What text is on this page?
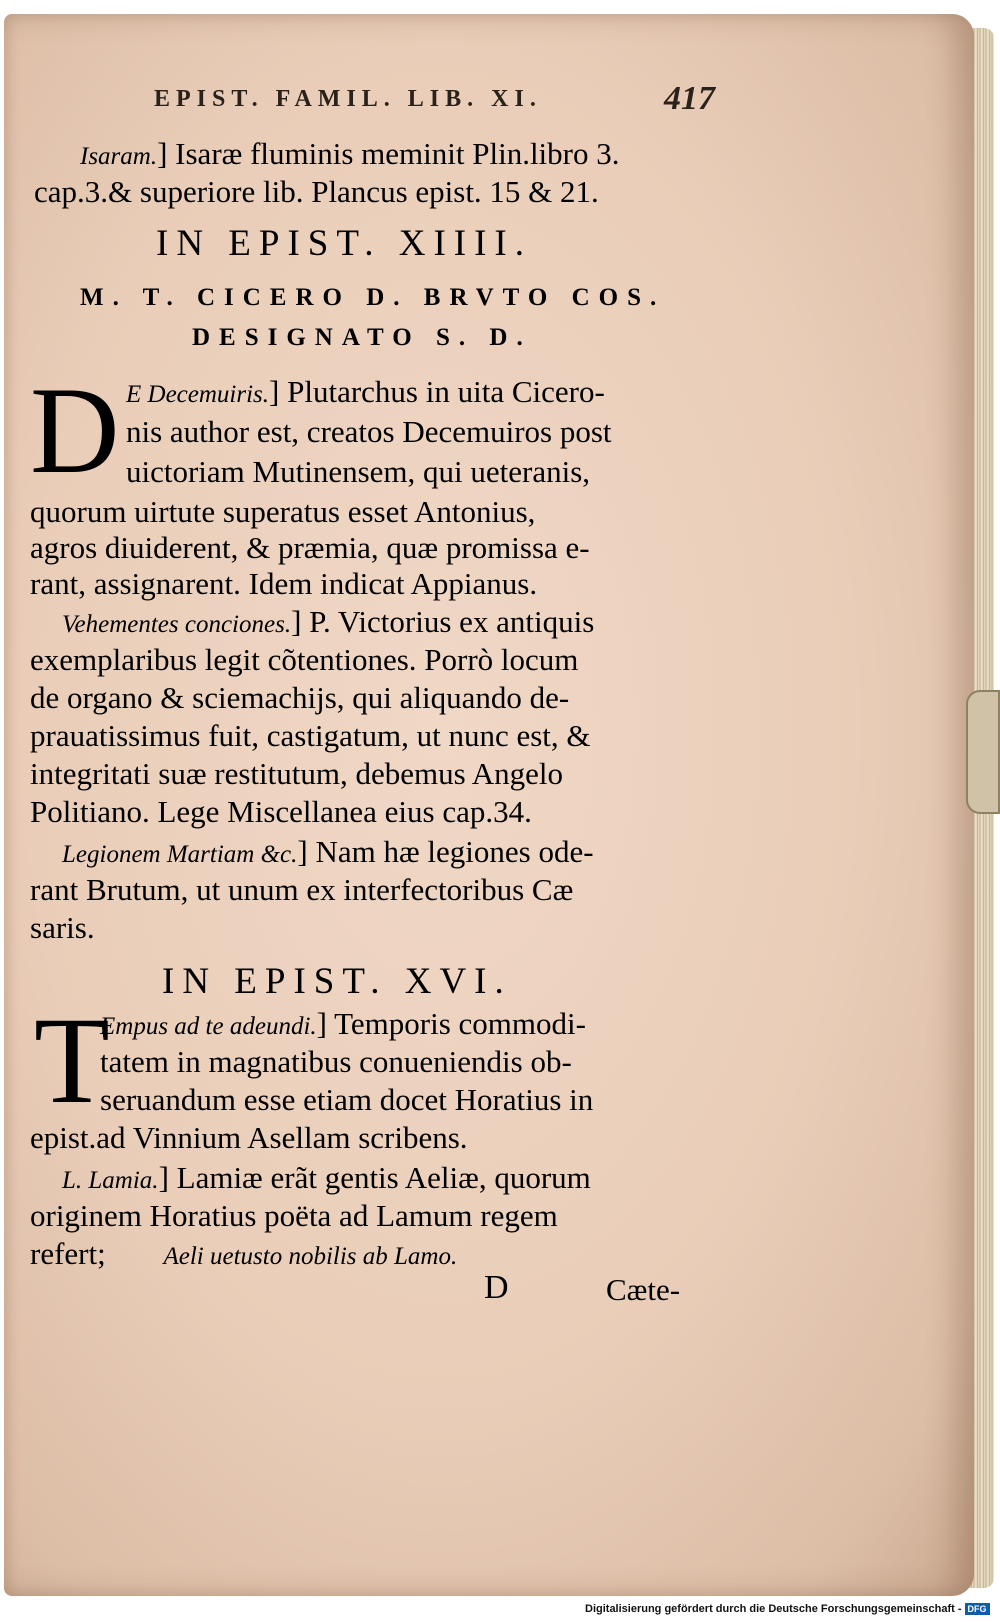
EPIST. FAMIL. LIB. XI.	417
Isaram.] Isaræ fluminis meminit Plin.libro 3.
cap.3.& superiore lib. Plancus epist. 15 & 21.
IN EPIST. XIIII.
M. T. CICERO D. BRVTO COS.
DESIGNATO S. D.
D E Decemuiris.] Plutarchus in uita Cicero-
nis author est, creatos Decemuiros post
uictoriam Mutinensem, qui ueteranis,
quorum uirtute superatus esset Antonius,
agros diuiderent, & præmia, quæ promissa e-
rant, assignarent. Idem indicat Appianus.
Vehementes conciones.] P. Victorius ex antiquis
exemplaribus legit cõtentiones. Porrò locum
de organo & sciemachijs, qui aliquando de-
prauatissimus fuit, castigatum, ut nunc est, &
integritati suæ restitutum, debemus Angelo
Politiano. Lege Miscellanea eius cap.34.
Legionem Martiam &c.] Nam hæ legiones ode-
rant Brutum, ut unum ex interfectoribus Cæ
saris.
IN EPIST. XVI.
T
Empus ad te adeundi.] Temporis commodi-
tatem in magnatibus conueniendis ob-
seruandum esse etiam docet Horatius in
epist.ad Vinnium Asellam scribens.
L. Lamia.] Lamiæ erãt gentis Aeliæ, quorum
originem Horatius poëta ad Lamum regem
refert; Aeli uetusto nobilis ab Lamo.
D	Cæte-
Digitalisierung gefördert durch die Deutsche Forschungsgemeinschaft - DFG
